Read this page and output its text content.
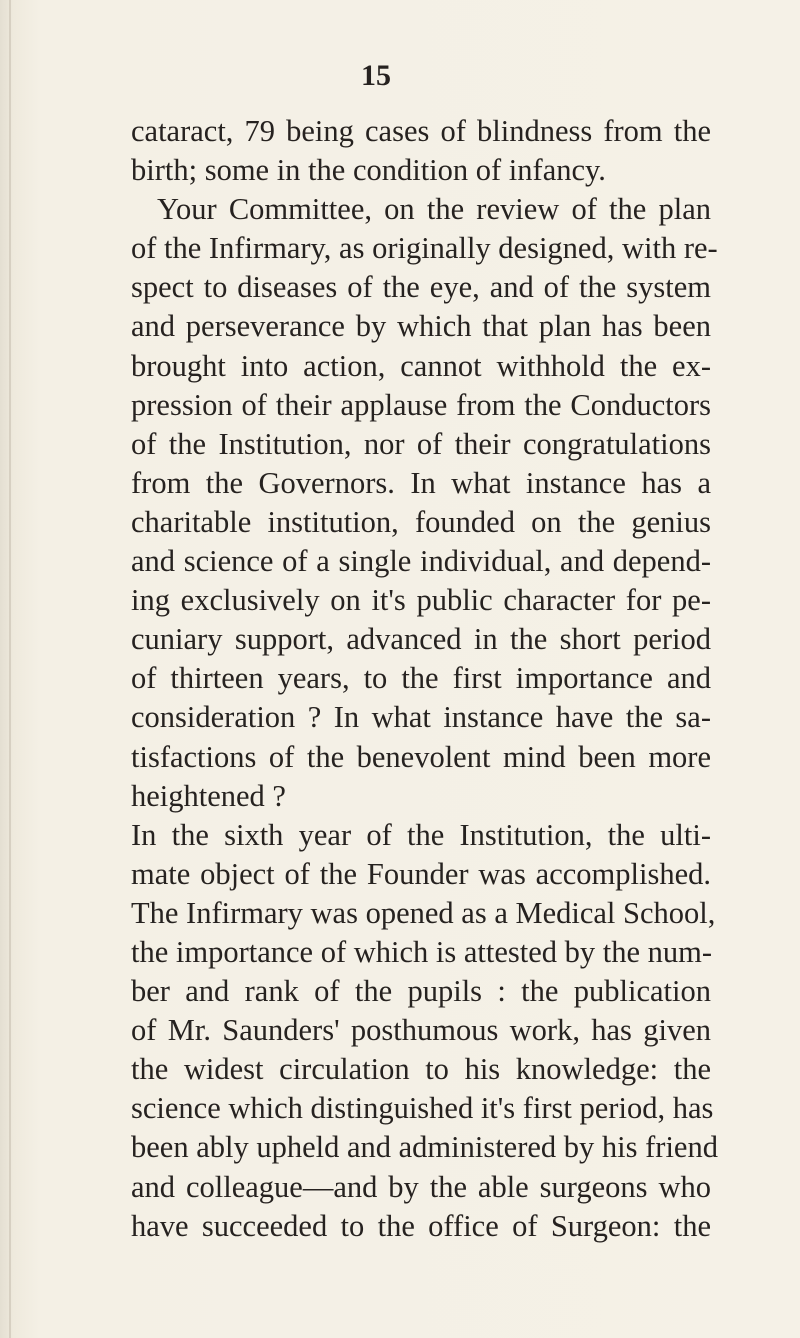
15
cataract, 79 being cases of blindness from the
birth; some in the condition of infancy.
Your Committee, on the review of the plan
of the Infirmary, as originally designed, with re-
spect to diseases of the eye, and of the system
and perseverance by which that plan has been
brought into action, cannot withhold the ex-
pression of their applause from the Conductors
of the Institution, nor of their congratulations
from the Governors. In what instance has a
charitable institution, founded on the genius
and science of a single individual, and depend-
ing exclusively on it's public character for pe-
cuniary support, advanced in the short period
of thirteen years, to the first importance and
consideration ? In what instance have the sa-
tisfactions of the benevolent mind been more
heightened ?
In the sixth year of the Institution, the ulti-
mate object of the Founder was accomplished.
The Infirmary was opened as a Medical School,
the importance of which is attested by the num-
ber and rank of the pupils : the publication
of Mr. Saunders' posthumous work, has given
the widest circulation to his knowledge: the
science which distinguished it's first period, has
been ably upheld and administered by his friend
and colleague—and by the able surgeons who
have succeeded to the office of Surgeon: the
